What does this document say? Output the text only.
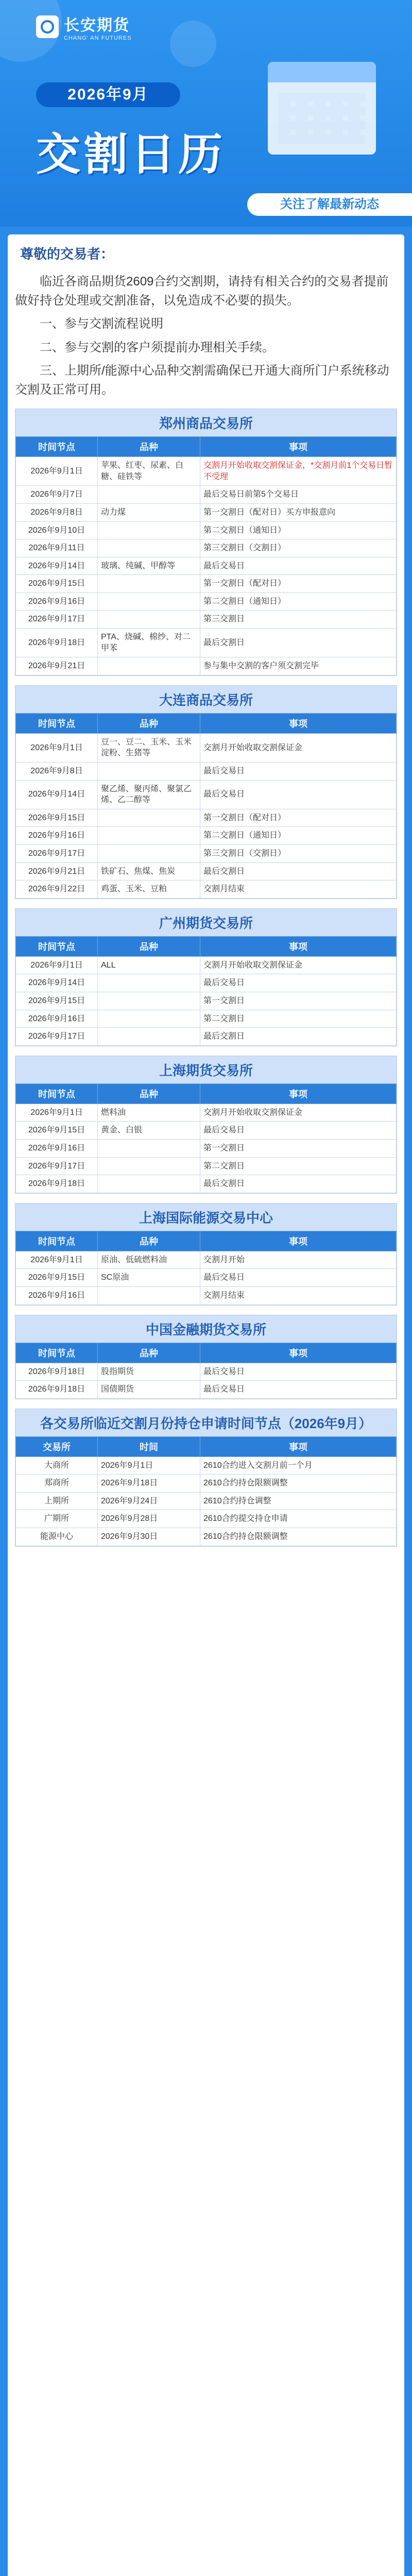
长安期货
CHANG' AN FUTURES
2026年9月
交割日历
关注了解最新动态
尊敬的交易者：

临近各商品期货2609合约交割期，请持有相关合约的交易者提前做好持仓处理或交割准备，以免造成不必要的损失。

一、参与交割流程说明

二、参与交割的客户须提前办理相关手续。

三、上期所/能源中心品种交割需确保已开通大商所门户系统移动交割及正常可用。

郑州商品交易所
时间节点	品种	事项
2026年9月1日	苹果、红枣、尿素、白糖、硅铁等	交割月开始收取交割保证金，*交割月前1个交易日暂不受理
2026年9月7日		最后交易日前第5个交易日
2026年9月8日	动力煤	第一交割日（配对日）买方申报意向
2026年9月10日		第二交割日（通知日）
2026年9月11日		第三交割日（交割日）
2026年9月14日	玻璃、纯碱、甲醇等	最后交易日
2026年9月15日		第一交割日（配对日）
2026年9月16日		第二交割日（通知日）
2026年9月17日		第三交割日
2026年9月18日	PTA、烧碱、棉纱、对二甲苯	最后交割日
2026年9月21日		参与集中交割的客户须交割完毕
大连商品交易所
时间节点	品种	事项
2026年9月1日	豆一、豆二、玉米、玉米淀粉、生猪等	交割月开始收取交割保证金
2026年9月8日		最后交易日
2026年9月14日	聚乙烯、聚丙烯、聚氯乙烯、乙二醇等	最后交易日
2026年9月15日		第一交割日（配对日）
2026年9月16日		第二交割日（通知日）
2026年9月17日		第三交割日（交割日）
2026年9月21日	铁矿石、焦煤、焦炭	最后交割日
2026年9月22日	鸡蛋、玉米、豆粕	交割月结束
广州期货交易所
时间节点	品种	事项
2026年9月1日	ALL	交割月开始收取交割保证金
2026年9月14日		最后交易日
2026年9月15日		第一交割日
2026年9月16日		第二交割日
2026年9月17日		最后交割日
上海期货交易所
时间节点	品种	事项
2026年9月1日	燃料油	交割月开始收取交割保证金
2026年9月15日	黄金、白银	最后交易日
2026年9月16日		第一交割日
2026年9月17日		第二交割日
2026年9月18日		最后交割日
上海国际能源交易中心
时间节点	品种	事项
2026年9月1日	原油、低硫燃料油	交割月开始
2026年9月15日	SC原油	最后交易日
2026年9月16日		交割月结束
中国金融期货交易所
时间节点	品种	事项
2026年9月18日	股指期货	最后交易日
2026年9月18日	国债期货	最后交易日
各交易所临近交割月份持仓申请时间节点（2026年9月）
交易所	时间	事项
大商所	2026年9月1日	2610合约进入交割月前一个月
郑商所	2026年9月18日	2610合约持仓限额调整
上期所	2026年9月24日	2610合约持仓调整
广期所	2026年9月28日	2610合约提交持仓申请
能源中心	2026年9月30日	2610合约持仓限额调整
